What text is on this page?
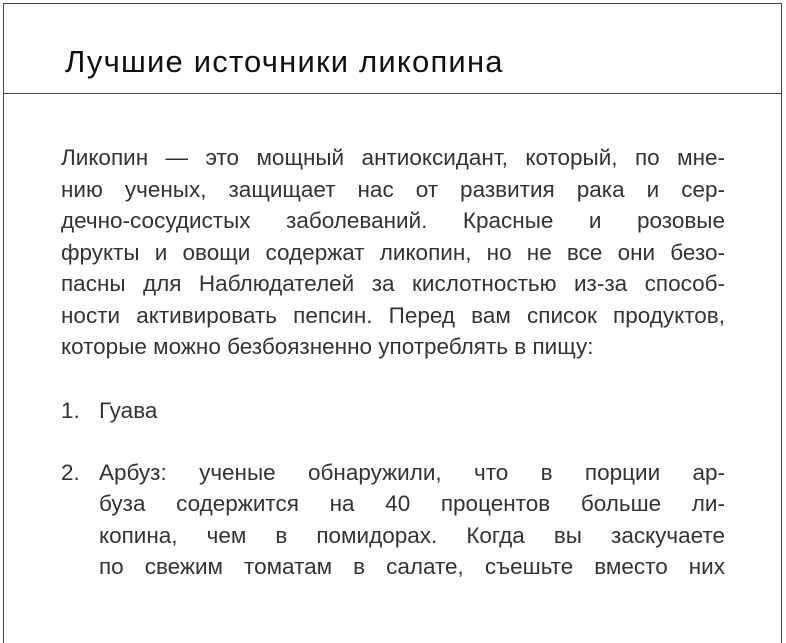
Лучшие источники ликопина
Ликопин — это мощный антиоксидант, который, по мне-
нию ученых, защищает нас от развития рака и сер-
дечно-сосудистых заболеваний. Красные и розовые
фрукты и овощи содержат ликопин, но не все они безо-
пасны для Наблюдателей за кислотностью из-за способ-
ности активировать пепсин. Перед вам список продуктов,
которые можно безбоязненно употреблять в пищу:
1. Гуава
2. Арбуз: ученые обнаружили, что в порции ар-
буза содержится на 40 процентов больше ли-
копина, чем в помидорах. Когда вы заскучаете
по свежим томатам в салате, съешьте вместо них
